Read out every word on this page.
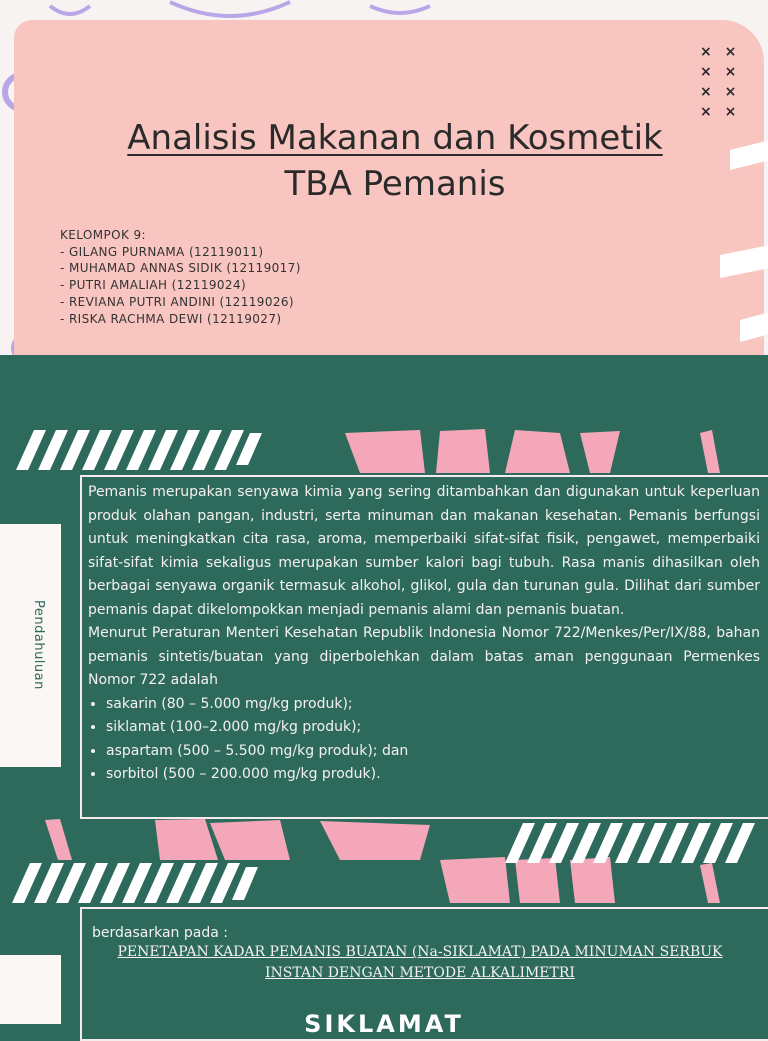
× ×
× ×
× ×
× ×
Analisis Makanan dan Kosmetik
TBA Pemanis
KELOMPOK 9:
- GILANG PURNAMA (12119011)
- MUHAMAD ANNAS SIDIK (12119017)
- PUTRI AMALIAH (12119024)
- REVIANA PUTRI ANDINI (12119026)
- RISKA RACHMA DEWI (12119027)
Pendahuluan

Pemanis merupakan senyawa kimia yang sering ditambahkan dan digunakan untuk keperluan produk olahan pangan, industri, serta minuman dan makanan kesehatan. Pemanis berfungsi untuk meningkatkan cita rasa, aroma, memperbaiki sifat-sifat fisik, pengawet, memperbaiki sifat-sifat kimia sekaligus merupakan sumber kalori bagi tubuh. Rasa manis dihasilkan oleh berbagai senyawa organik termasuk alkohol, glikol, gula dan turunan gula. Dilihat dari sumber pemanis dapat dikelompokkan menjadi pemanis alami dan pemanis buatan.

Menurut Peraturan Menteri Kesehatan Republik Indonesia Nomor 722/Menkes/Per/IX/88, bahan pemanis sintetis/buatan yang diperbolehkan dalam batas aman penggunaan Permenkes Nomor 722 adalah

• sakarin (80 – 5.000 mg/kg produk);
• siklamat (100–2.000 mg/kg produk);
• aspartam (500 – 5.500 mg/kg produk); dan
• sorbitol (500 – 200.000 mg/kg produk).
berdasarkan pada :
PENETAPAN KADAR PEMANIS BUATAN (Na-SIKLAMAT) PADA MINUMAN SERBUK INSTAN DENGAN METODE ALKALIMETRI
SIKLAMAT
